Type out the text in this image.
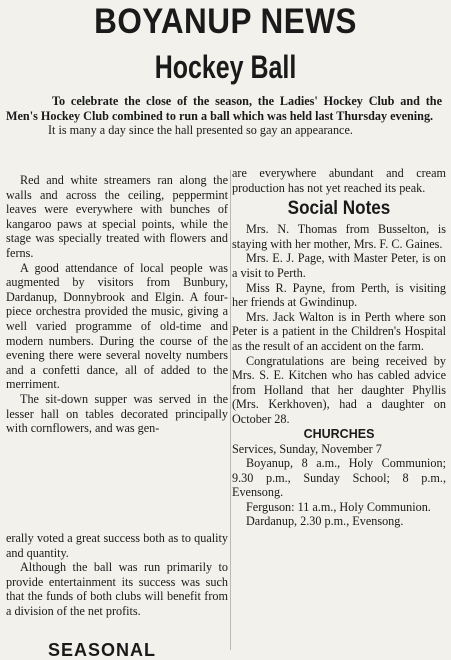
BOYANUP NEWS
Hockey Ball

To celebrate the close of the season, the Ladies' Hockey Club and the Men's Hockey Club combined to run a ball which was held last Thursday evening.

It is many a day since the hall presented so gay an appearance.

Red and white streamers ran along the walls and across the ceiling, peppermint leaves were everywhere with bunches of kangaroo paws at special points, while the stage was specially treated with flowers and ferns.

A good attendance of local people was augmented by visitors from Bunbury, Dardanup, Donnybrook and Elgin. A four-piece orchestra provided the music, giving a well varied programme of old-time and modern numbers. During the course of the evening there were several novelty numbers and a confetti dance, all of added to the merriment.

The sit-down supper was served in the lesser hall on tables decorated principally with cornflowers, and was gen-

erally voted a great success both as to quality and quantity.

Although the ball was run primarily to provide entertainment its success was such that the funds of both clubs will benefit from a division of the net profits.

are everywhere abundant and cream production has not yet reached its peak.

Social Notes

Mrs. N. Thomas from Busselton, is staying with her mother, Mrs. F. C. Gaines.

Mrs. E. J. Page, with Master Peter, is on a visit to Perth.

Miss R. Payne, from Perth, is visiting her friends at Gwindinup.

Mrs. Jack Walton is in Perth where son Peter is a patient in the Children's Hospital as the result of an accident on the farm.

Congratulations are being received by Mrs. S. E. Kitchen who has cabled advice from Holland that her daughter Phyllis (Mrs. Kerkhoven), had a daughter on October 28.

CHURCHES

Services, Sunday, November 7

Boyanup, 8 a.m., Holy Communion; 9.30 p.m., Sunday School; 8 p.m., Evensong.

Ferguson: 11 a.m., Holy Communion.

Dardanup, 2.30 p.m., Evensong.

SEASONAL
